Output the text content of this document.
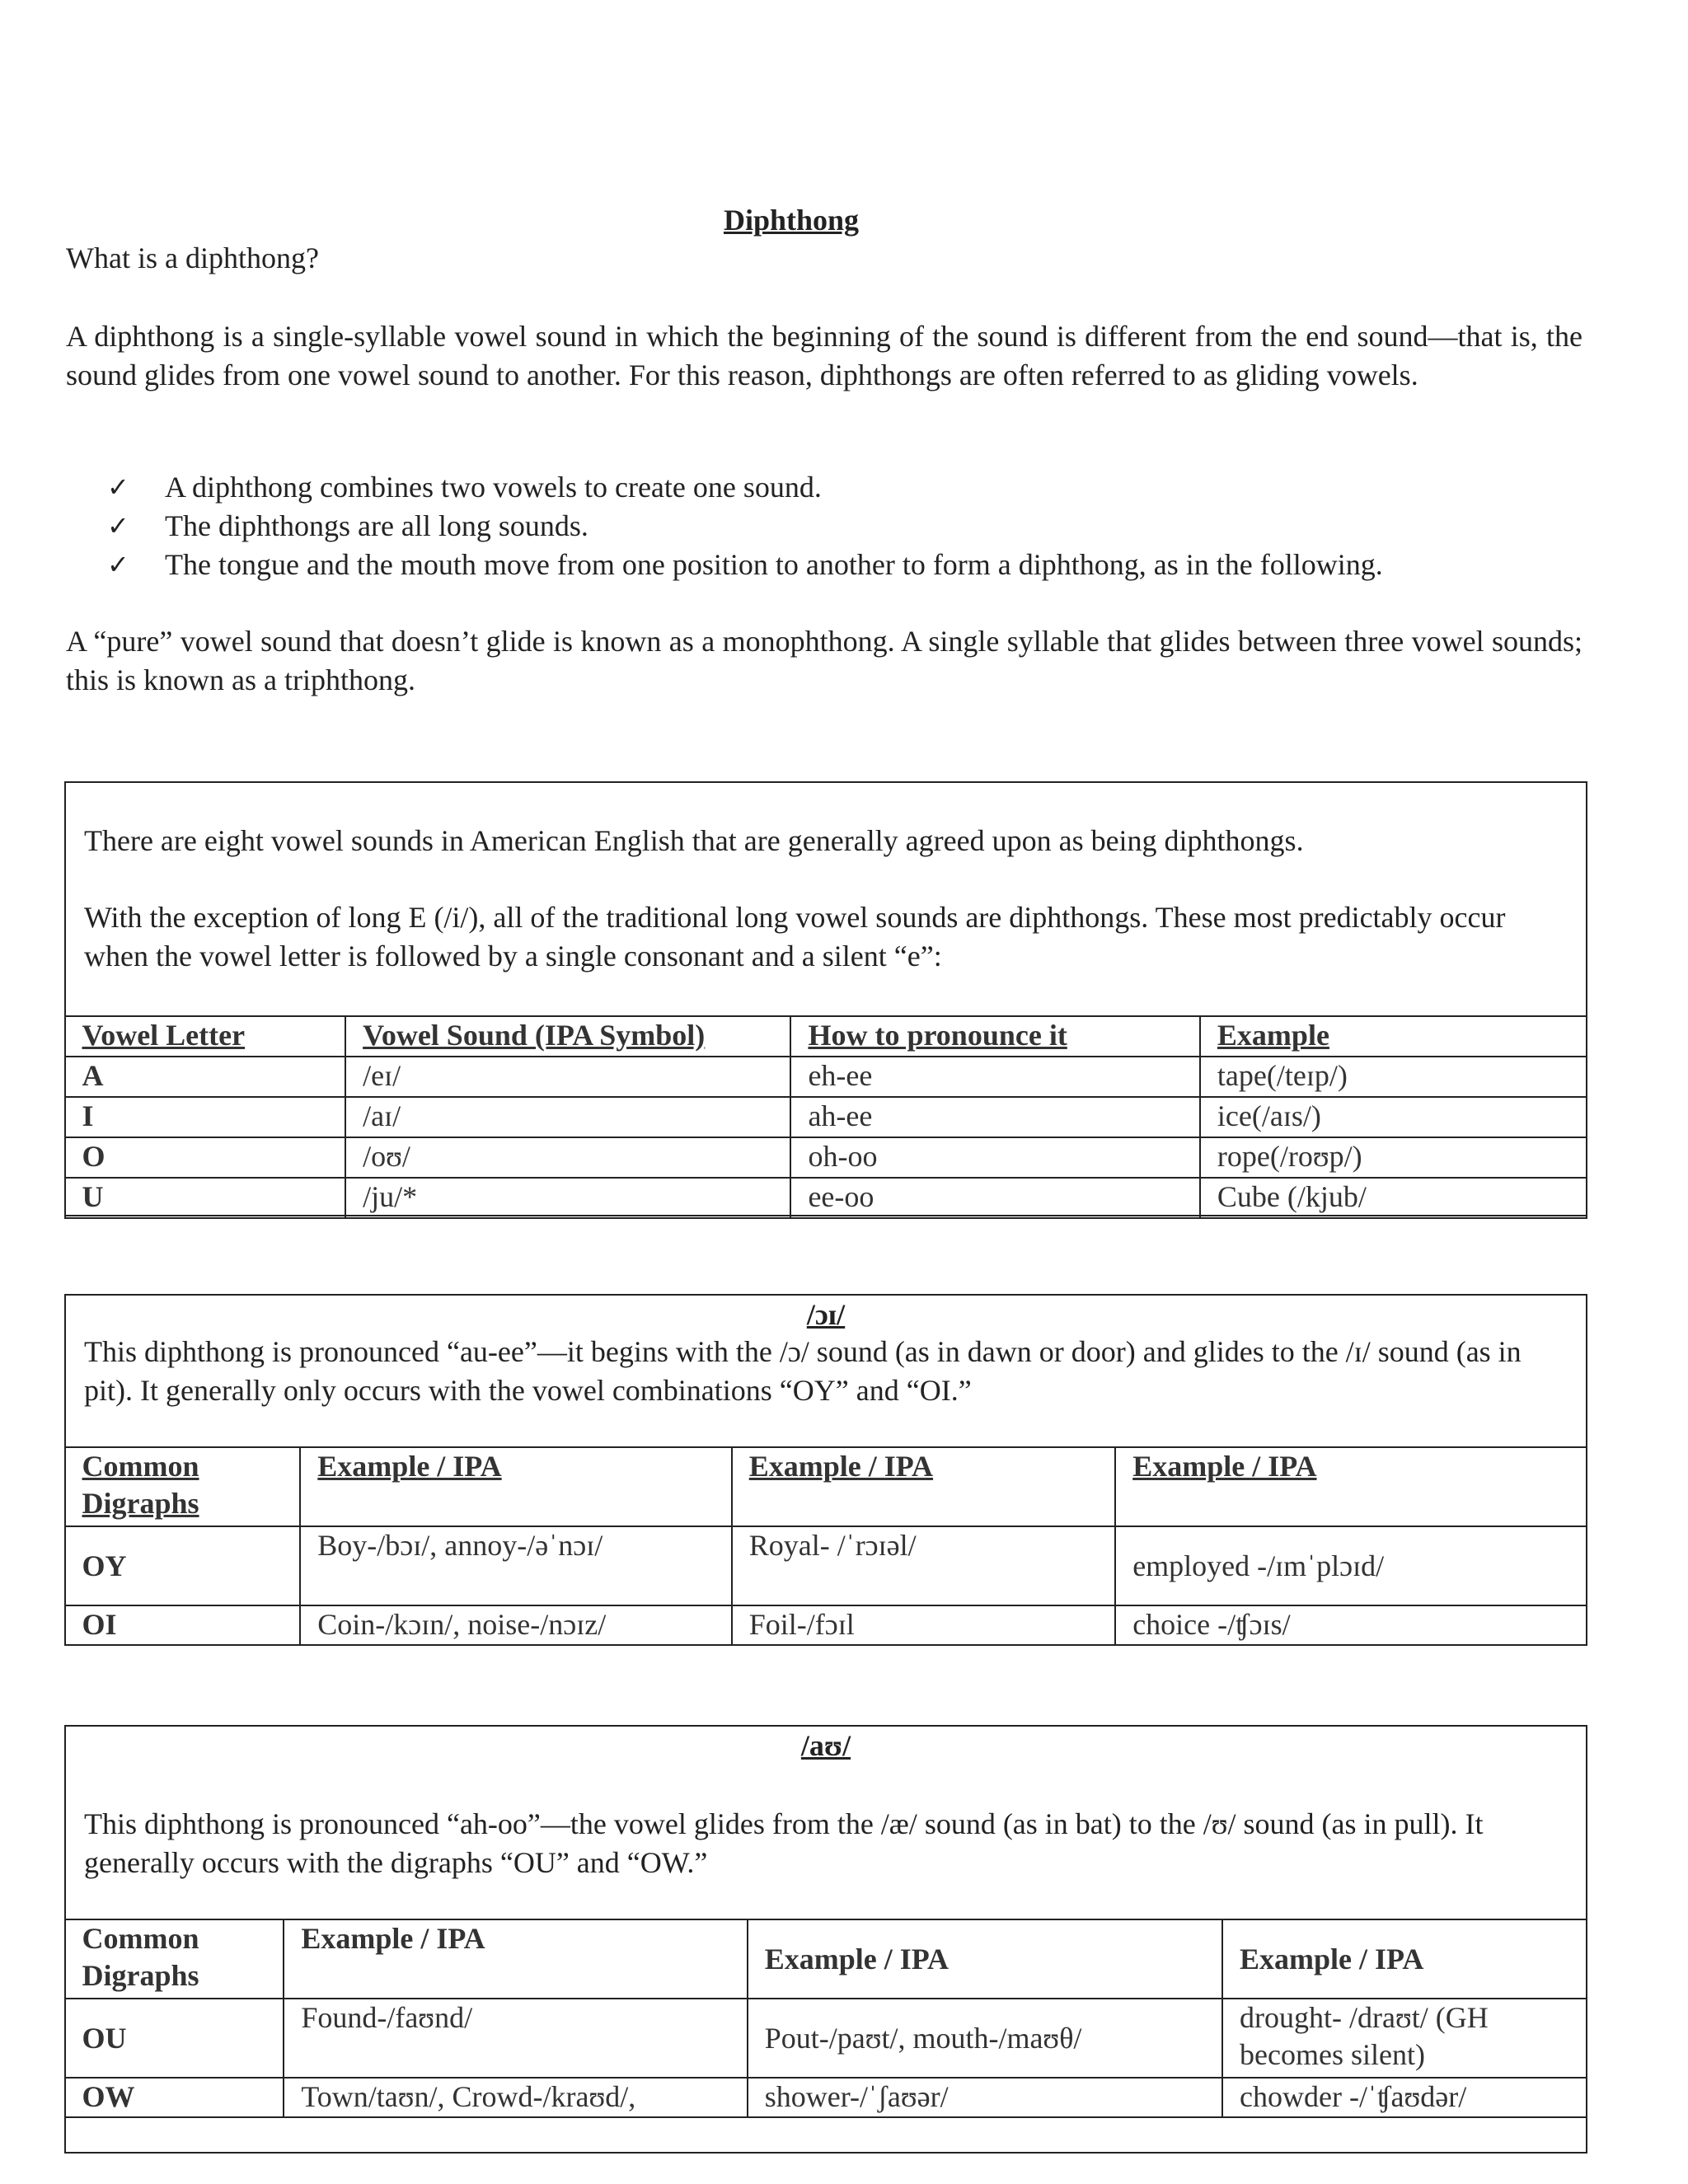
Diphthong
What is a diphthong?
A diphthong is a single-syllable vowel sound in which the beginning of the sound is different from the end sound—that is, the sound glides from one vowel sound to another. For this reason, diphthongs are often referred to as gliding vowels.
✓	A diphthong combines two vowels to create one sound.
✓	The diphthongs are all long sounds.
✓	The tongue and the mouth move from one position to another to form a diphthong, as in the following.
A “pure” vowel sound that doesn’t glide is known as a monophthong. A single syllable that glides between three vowel sounds; this is known as a triphthong.
There are eight vowel sounds in American English that are generally agreed upon as being diphthongs.
With the exception of long E (/i/), all of the traditional long vowel sounds are diphthongs. These most predictably occur when the vowel letter is followed by a single consonant and a silent “e”:
Vowel Letter	Vowel Sound (IPA Symbol)	How to pronounce it	Example
A	/eɪ/	eh-ee	tape(/teɪp/)
I	/aɪ/	ah-ee	ice(/aɪs/)
O	/oʊ/	oh-oo	rope(/roʊp/)
U	/ju/*	ee-oo	Cube (/kjub/
/ɔɪ/
This diphthong is pronounced “au-ee”—it begins with the /ɔ/ sound (as in dawn or door) and glides to the /ɪ/ sound (as in pit). It generally only occurs with the vowel combinations “OY” and “OI.”
Common Digraphs	Example / IPA	Example / IPA	Example / IPA
OY	Boy-/bɔɪ/, annoy-/əˈnɔɪ/	Royal- /ˈrɔɪəl/	employed -/ɪmˈplɔɪd/
OI	Coin-/kɔɪn/, noise-/nɔɪz/	Foil-/fɔɪl	choice -/ʧɔɪs/
/aʊ/
This diphthong is pronounced “ah-oo”—the vowel glides from the /æ/ sound (as in bat) to the /ʊ/ sound (as in pull). It generally occurs with the digraphs “OU” and “OW.”
Common Digraphs	Example / IPA	Example / IPA	Example / IPA
OU	Found-/faʊnd/	Pout-/paʊt/, mouth-/maʊθ/	drought- /draʊt/ (GH becomes silent)
OW	Town/taʊn/, Crowd-/kraʊd/,	shower-/ˈʃaʊər/	chowder -/ˈʧaʊdər/
